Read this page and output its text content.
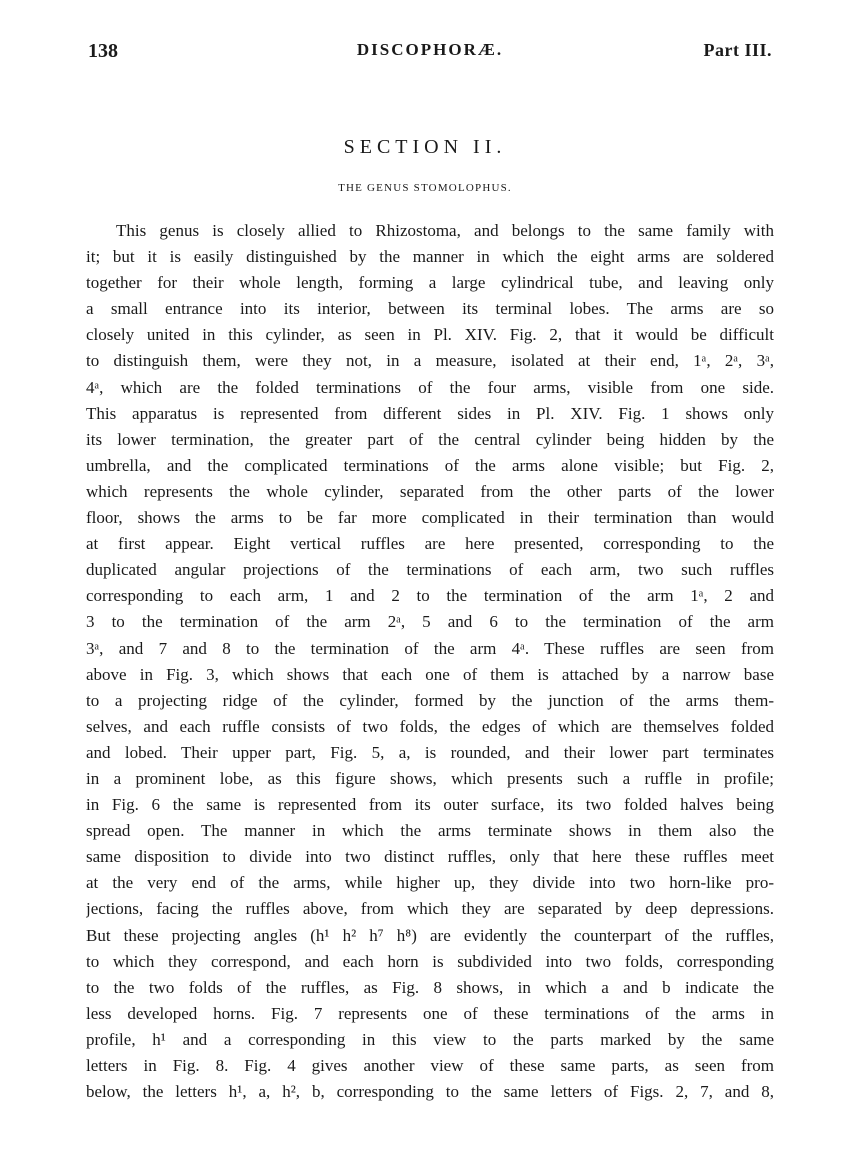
138	DISCOPHORÆ.	Part III.
SECTION II.
THE GENUS STOMOLOPHUS.
This genus is closely allied to Rhizostoma, and belongs to the same family with
it; but it is easily distinguished by the manner in which the eight arms are soldered
together for their whole length, forming a large cylindrical tube, and leaving only
a small entrance into its interior, between its terminal lobes. The arms are so
closely united in this cylinder, as seen in Pl. XIV. Fig. 2, that it would be difficult
to distinguish them, were they not, in a measure, isolated at their end, 1ᵃ, 2ᵃ, 3ᵃ,
4ᵃ, which are the folded terminations of the four arms, visible from one side.
This apparatus is represented from different sides in Pl. XIV. Fig. 1 shows only
its lower termination, the greater part of the central cylinder being hidden by the
umbrella, and the complicated terminations of the arms alone visible; but Fig. 2,
which represents the whole cylinder, separated from the other parts of the lower
floor, shows the arms to be far more complicated in their termination than would
at first appear. Eight vertical ruffles are here presented, corresponding to the
duplicated angular projections of the terminations of each arm, two such ruffles
corresponding to each arm, 1 and 2 to the termination of the arm 1ᵃ, 2 and
3 to the termination of the arm 2ᵃ, 5 and 6 to the termination of the arm
3ᵃ, and 7 and 8 to the termination of the arm 4ᵃ. These ruffles are seen from
above in Fig. 3, which shows that each one of them is attached by a narrow base
to a projecting ridge of the cylinder, formed by the junction of the arms them-
selves, and each ruffle consists of two folds, the edges of which are themselves folded
and lobed. Their upper part, Fig. 5, a, is rounded, and their lower part terminates
in a prominent lobe, as this figure shows, which presents such a ruffle in profile;
in Fig. 6 the same is represented from its outer surface, its two folded halves being
spread open. The manner in which the arms terminate shows in them also the
same disposition to divide into two distinct ruffles, only that here these ruffles meet
at the very end of the arms, while higher up, they divide into two horn-like pro-
jections, facing the ruffles above, from which they are separated by deep depressions.
But these projecting angles (h¹ h² h⁷ h⁸) are evidently the counterpart of the ruffles,
to which they correspond, and each horn is subdivided into two folds, corresponding
to the two folds of the ruffles, as Fig. 8 shows, in which a and b indicate the
less developed horns. Fig. 7 represents one of these terminations of the arms in
profile, h¹ and a corresponding in this view to the parts marked by the same
letters in Fig. 8. Fig. 4 gives another view of these same parts, as seen from
below, the letters h¹, a, h², b, corresponding to the same letters of Figs. 2, 7, and 8,
